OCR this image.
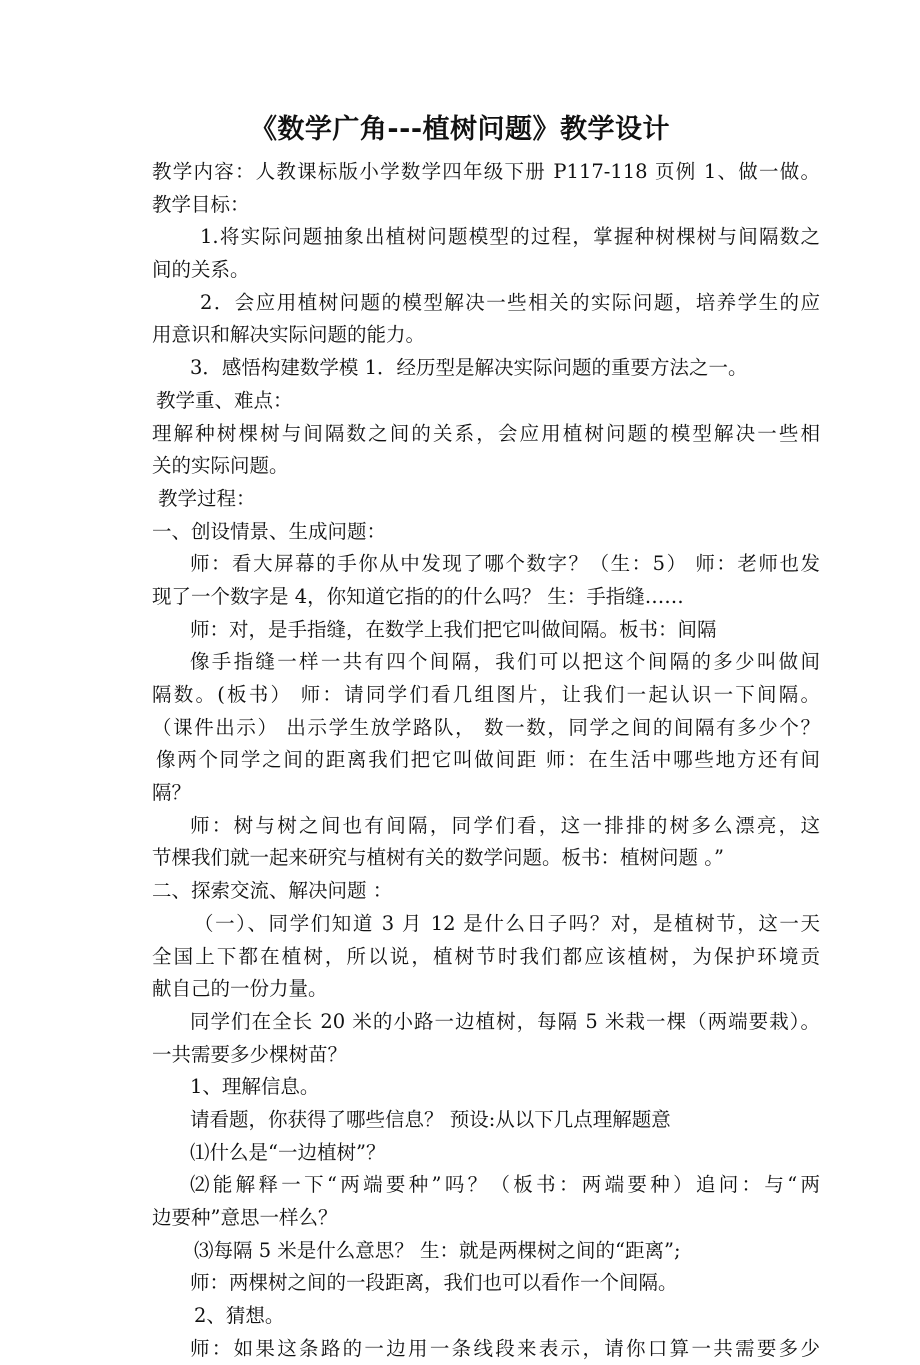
《数学广角---植树问题》教学设计
教学内容：人教课标版小学数学四年级下册 P117-118 页例 1、做一做。
教学目标：
1.将实际问题抽象出植树问题模型的过程，掌握种树棵树与间隔数之
间的关系。
2．会应用植树问题的模型解决一些相关的实际问题，培养学生的应
用意识和解决实际问题的能力。
3．感悟构建数学模 1．经历型是解决实际问题的重要方法之一。
教学重、难点：
理解种树棵树与间隔数之间的关系，会应用植树问题的模型解决一些相
关的实际问题。
教学过程：
一、创设情景、生成问题：
师：看大屏幕的手你从中发现了哪个数字？（生：5） 师：老师也发
现了一个数字是 4，你知道它指的的什么吗？ 生：手指缝……
师：对，是手指缝，在数学上我们把它叫做间隔。板书：间隔
像手指缝一样一共有四个间隔，我们可以把这个间隔的多少叫做间
隔数。(板书） 师：请同学们看几组图片，让我们一起认识一下间隔。
（课件出示） 出示学生放学路队， 数一数，同学之间的间隔有多少个？
像两个同学之间的距离我们把它叫做间距 师：在生活中哪些地方还有间
隔？
师：树与树之间也有间隔，同学们看，这一排排的树多么漂亮，这
节棵我们就一起来研究与植树有关的数学问题。板书：植树问题 。”
二、探索交流、解决问题 ：
（一）、同学们知道 3 月 12 是什么日子吗？对，是植树节，这一天
全国上下都在植树，所以说，植树节时我们都应该植树，为保护环境贡
献自己的一份力量。
同学们在全长 20 米的小路一边植树，每隔 5 米栽一棵（两端要栽）。
一共需要多少棵树苗？
1、理解信息。
请看题，你获得了哪些信息？ 预设:从以下几点理解题意
⑴什么是“一边植树”？
⑵能解释一下“两端要种”吗？（板书：两端要种）追问：与“两
边要种”意思一样么？
⑶每隔 5 米是什么意思？ 生：就是两棵树之间的“距离”;
师：两棵树之间的一段距离，我们也可以看作一个间隔。
2、猜想。
师：如果这条路的一边用一条线段来表示，请你口算一共需要多少
